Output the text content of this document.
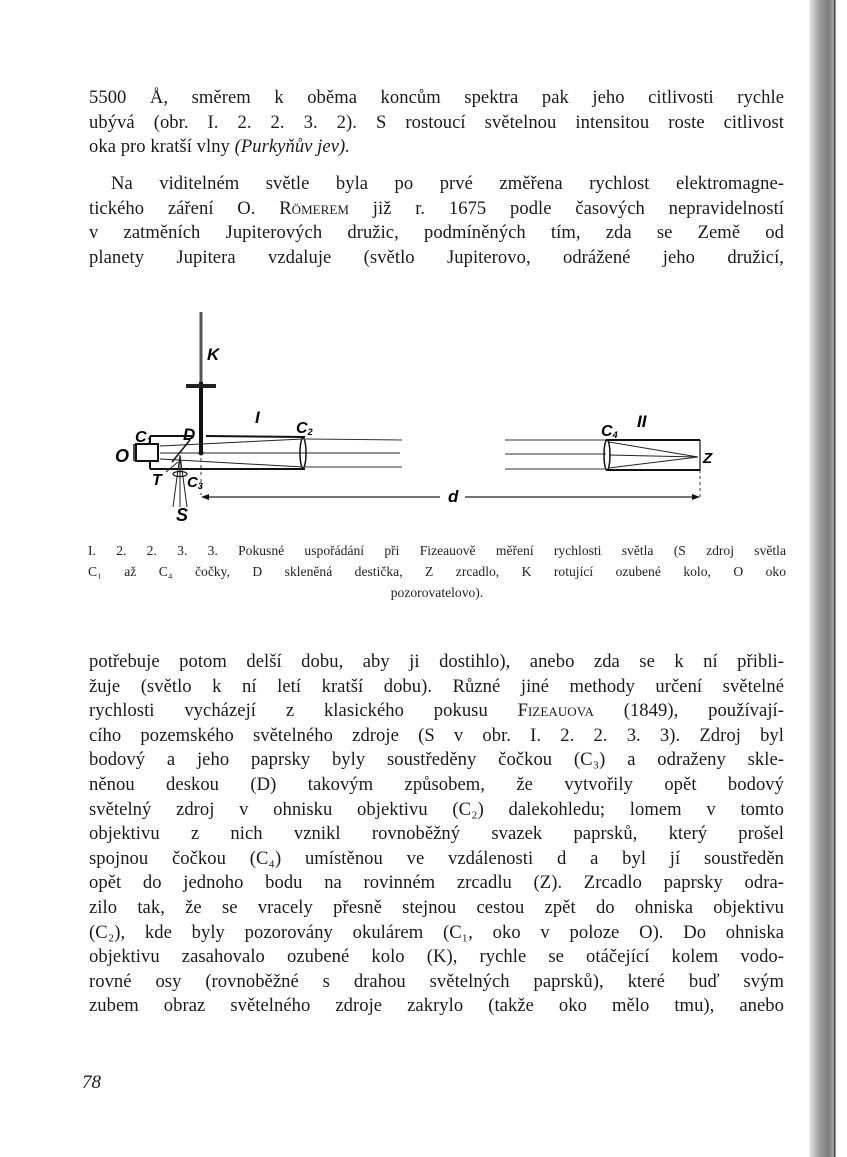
5500 Å, směrem k oběma koncům spektra pak jeho citlivosti rychle
ubývá (obr. I. 2. 2. 3. 2). S rostoucí světelnou intensitou roste citlivost
oka pro kratší vlny (Purkyňův jev).
Na viditelném světle byla po prvé změřena rychlost elektromagne-
tického záření O. Römerem již r. 1675 podle časových nepravidelností
v zatměních Jupiterových družic, podmíněných tím, zda se Země od
planety Jupitera vzdaluje (světlo Jupiterovo, odrážené jeho družicí,
K
I	II
C1 D	C2	C4
O
T C3
S
Z
d
I. 2. 2. 3. 3. Pokusné uspořádání při Fizeauově měření rychlosti světla (S zdroj světla
C₁ až C₄ čočky, D skleněná destička, Z zrcadlo, K rotující ozubené kolo, O oko
pozorovatelovo).
potřebuje potom delší dobu, aby ji dostihlo), anebo zda se k ní přibli-
žuje (světlo k ní letí kratší dobu). Různé jiné methody určení světelné
rychlosti vycházejí z klasického pokusu Fizeauova (1849), používají-
cího pozemského světelného zdroje (S v obr. I. 2. 2. 3. 3). Zdroj byl
bodový a jeho paprsky byly soustředěny čočkou (C₃) a odraženy skle-
něnou deskou (D) takovým způsobem, že vytvořily opět bodový
světelný zdroj v ohnisku objektivu (C₂) dalekohledu; lomem v tomto
objektivu z nich vznikl rovnoběžný svazek paprsků, který prošel
spojnou čočkou (C₄) umístěnou ve vzdálenosti d a byl jí soustředěn
opět do jednoho bodu na rovinném zrcadlu (Z). Zrcadlo paprsky odra-
zilo tak, že se vracely přesně stejnou cestou zpět do ohniska objektivu
(C₂), kde byly pozorovány okulárem (C₁, oko v poloze O). Do ohniska
objektivu zasahovalo ozubené kolo (K), rychle se otáčející kolem vodo-
rovné osy (rovnoběžné s drahou světelných paprsků), které buď svým
zubem obraz světelného zdroje zakrylo (takže oko mělo tmu), anebo
78
